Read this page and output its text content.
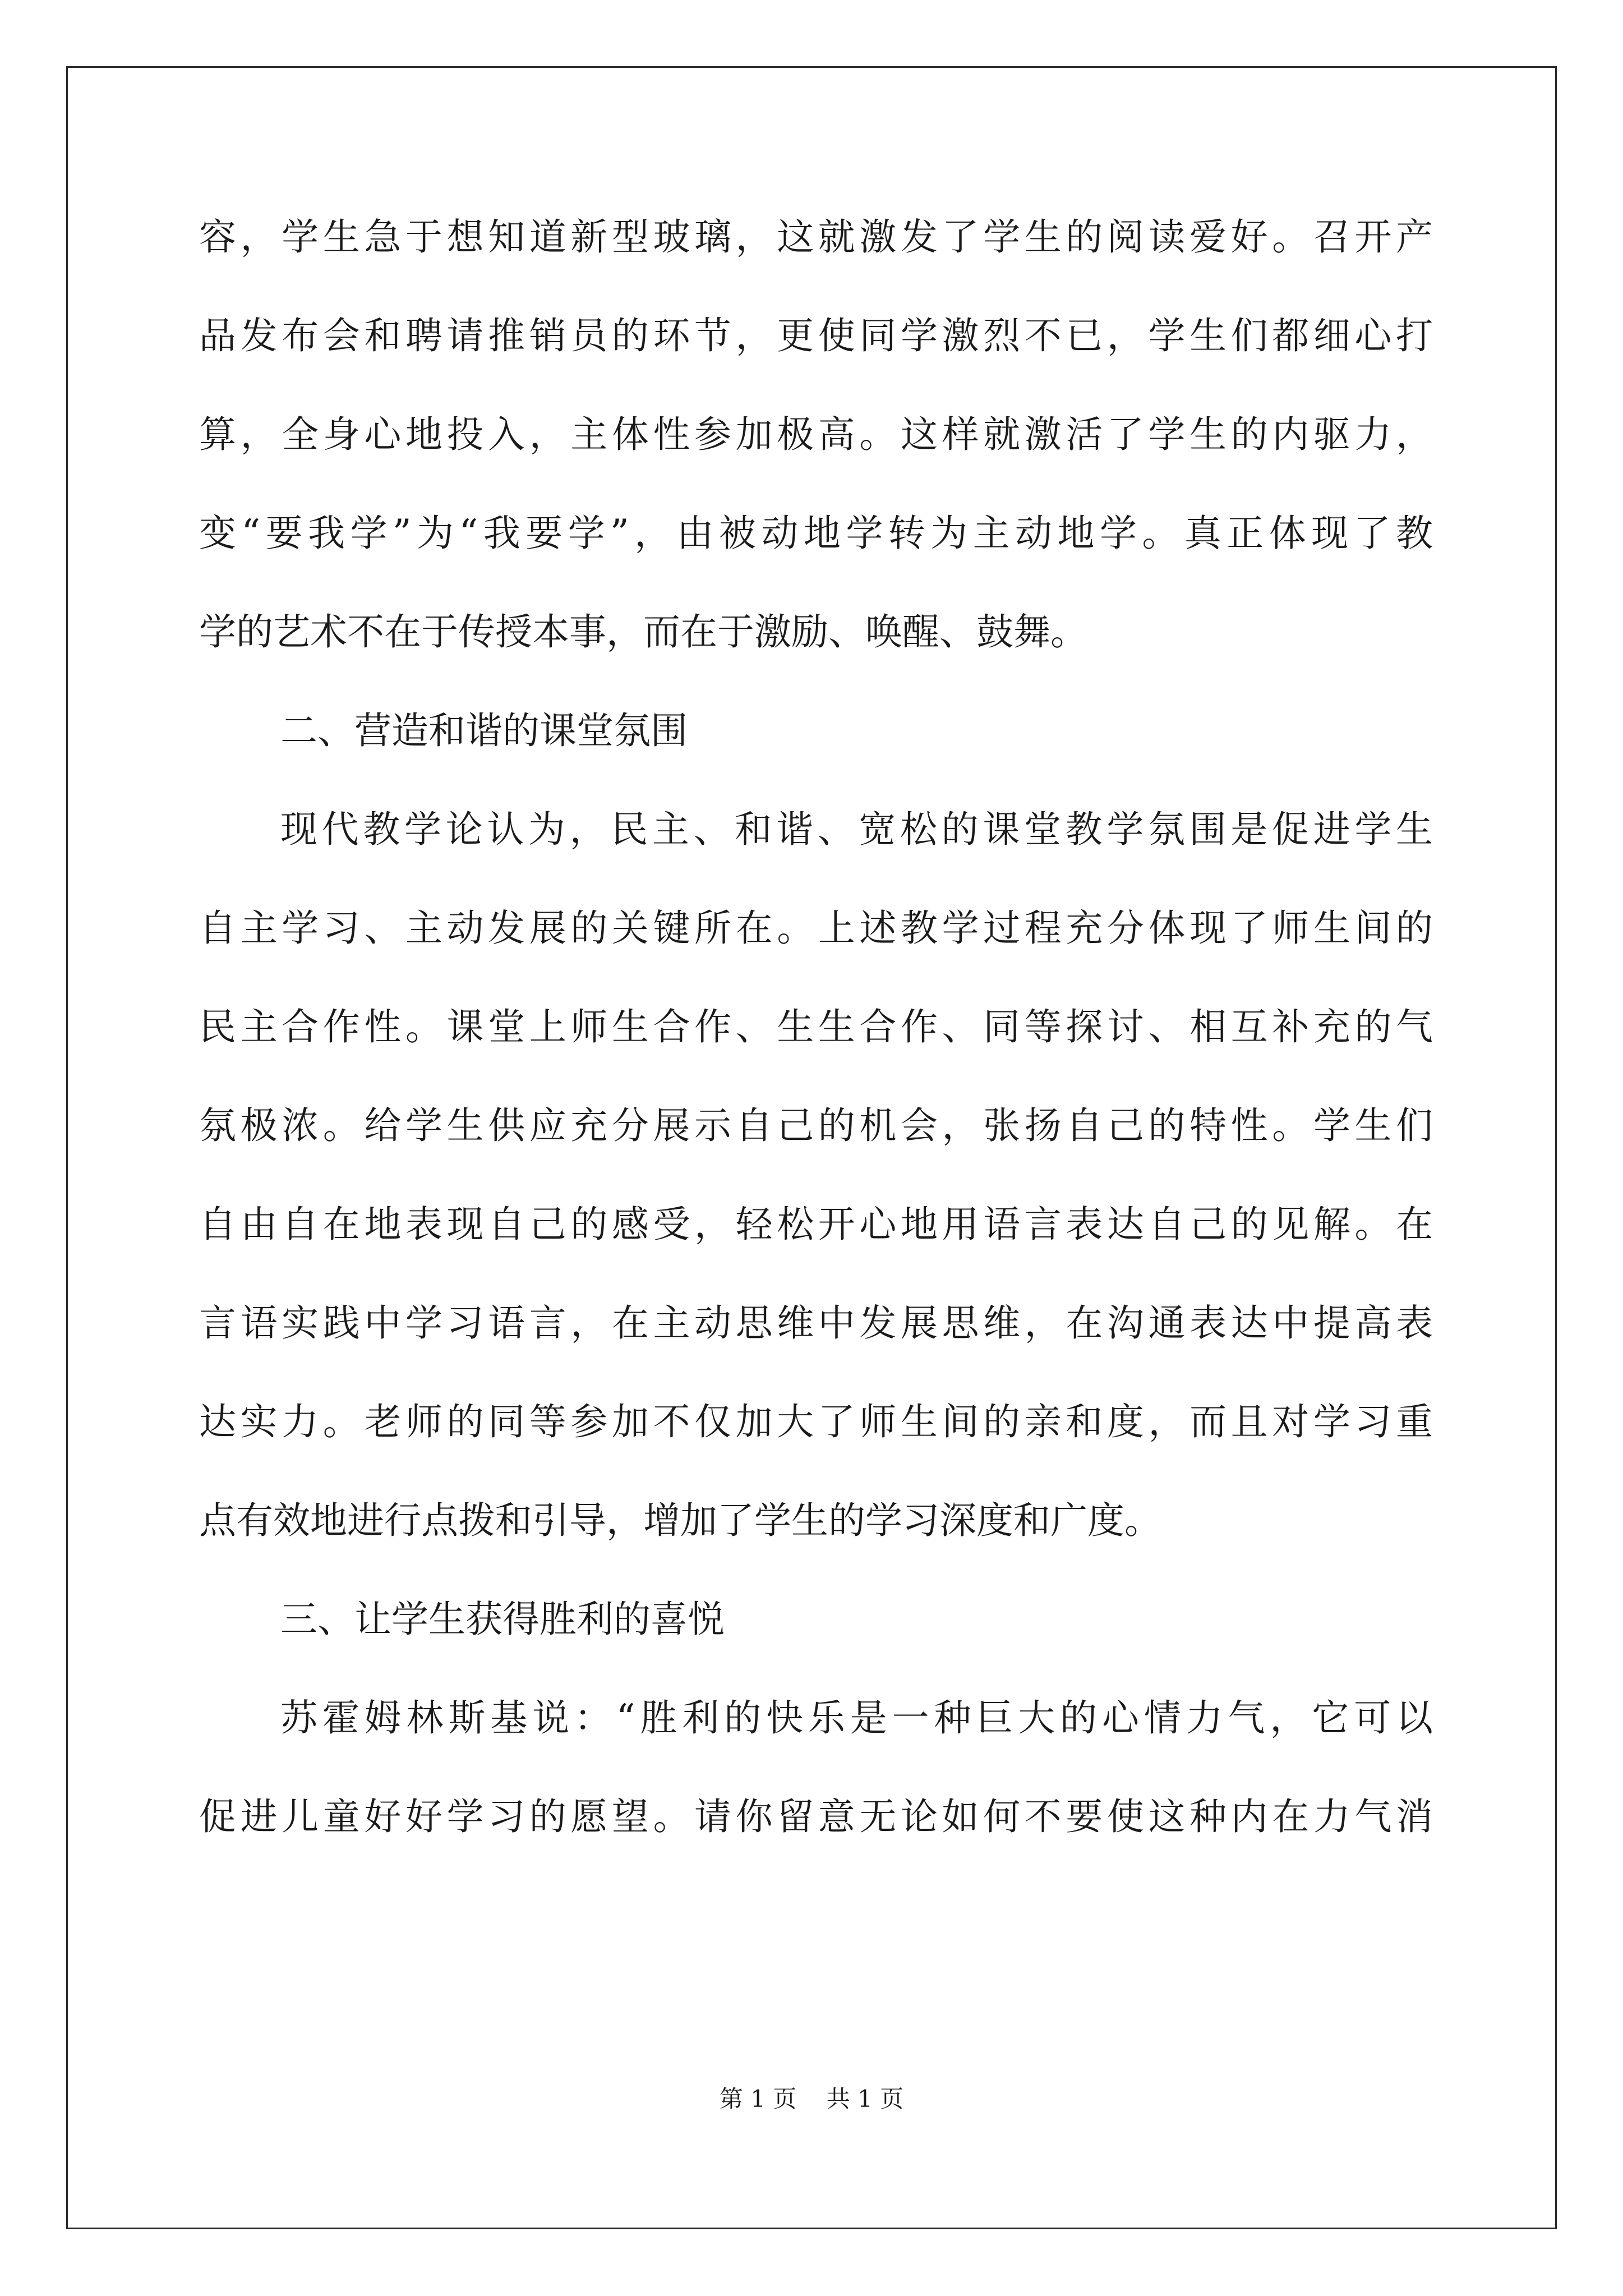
容，学生急于想知道新型玻璃，这就激发了学生的阅读爱好。召开产
品发布会和聘请推销员的环节，更使同学激烈不已，学生们都细心打
算，全身心地投入，主体性参加极高。这样就激活了学生的内驱力，
变“要我学”为“我要学”，由被动地学转为主动地学。真正体现了教
学的艺术不在于传授本事，而在于激励、唤醒、鼓舞。
二、营造和谐的课堂氛围
现代教学论认为，民主、和谐、宽松的课堂教学氛围是促进学生
自主学习、主动发展的关键所在。上述教学过程充分体现了师生间的
民主合作性。课堂上师生合作、生生合作、同等探讨、相互补充的气
氛极浓。给学生供应充分展示自己的机会，张扬自己的特性。学生们
自由自在地表现自己的感受，轻松开心地用语言表达自己的见解。在
言语实践中学习语言，在主动思维中发展思维，在沟通表达中提高表
达实力。老师的同等参加不仅加大了师生间的亲和度，而且对学习重
点有效地进行点拨和引导，增加了学生的学习深度和广度。
三、让学生获得胜利的喜悦
苏霍姆林斯基说：“胜利的快乐是一种巨大的心情力气，它可以
促进儿童好好学习的愿望。请你留意无论如何不要使这种内在力气消
第 1 页    共 1 页
